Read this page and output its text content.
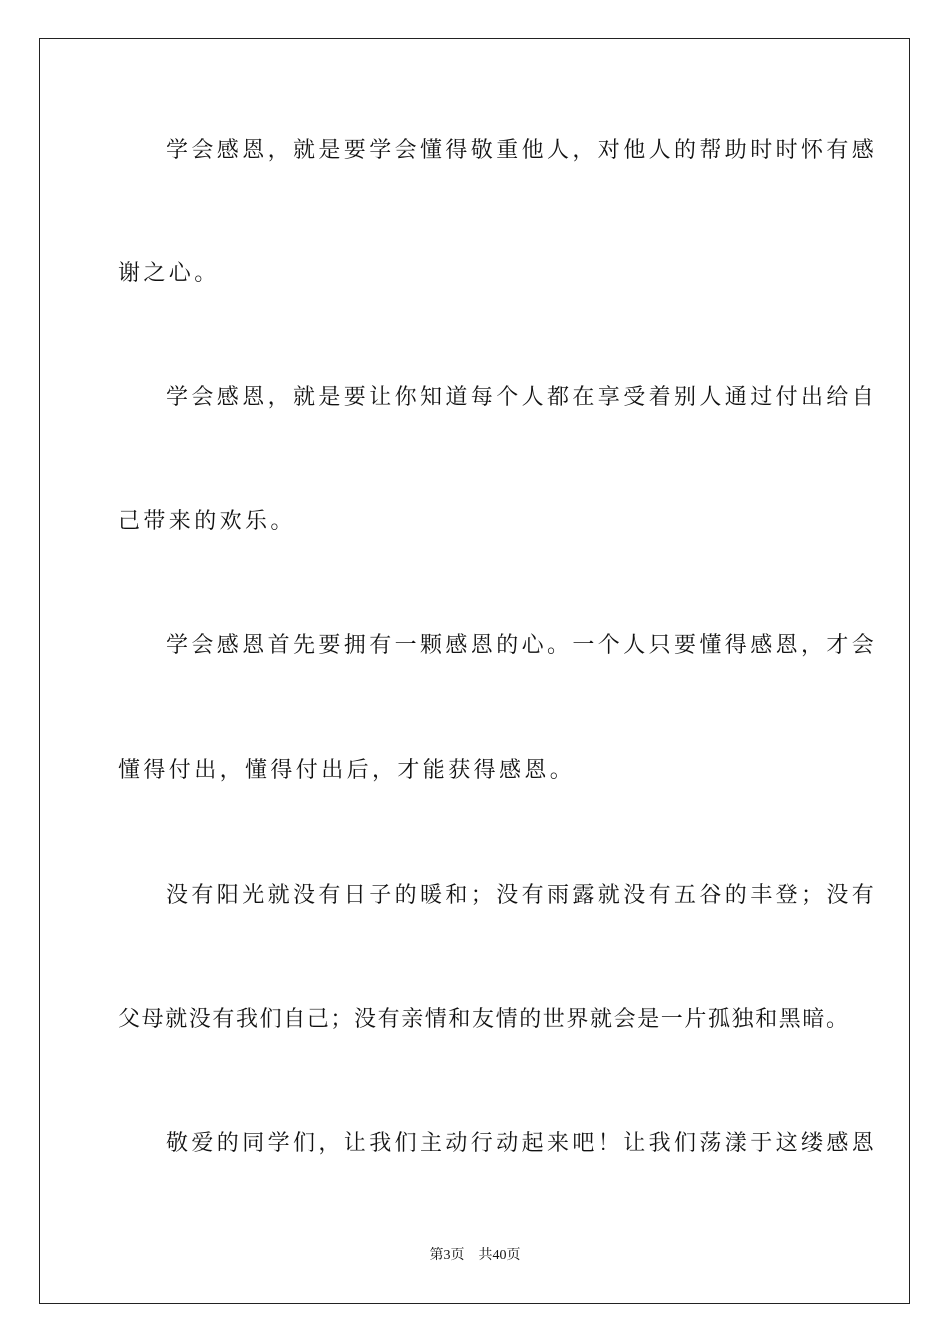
学会感恩，就是要学会懂得敬重他人，对他人的帮助时时怀有感
谢之心。
学会感恩，就是要让你知道每个人都在享受着别人通过付出给自
己带来的欢乐。
学会感恩首先要拥有一颗感恩的心。一个人只要懂得感恩，才会
懂得付出，懂得付出后，才能获得感恩。
没有阳光就没有日子的暖和；没有雨露就没有五谷的丰登；没有
父母就没有我们自己；没有亲情和友情的世界就会是一片孤独和黑暗。
敬爱的同学们，让我们主动行动起来吧！让我们荡漾于这缕感恩
第3页 共40页
